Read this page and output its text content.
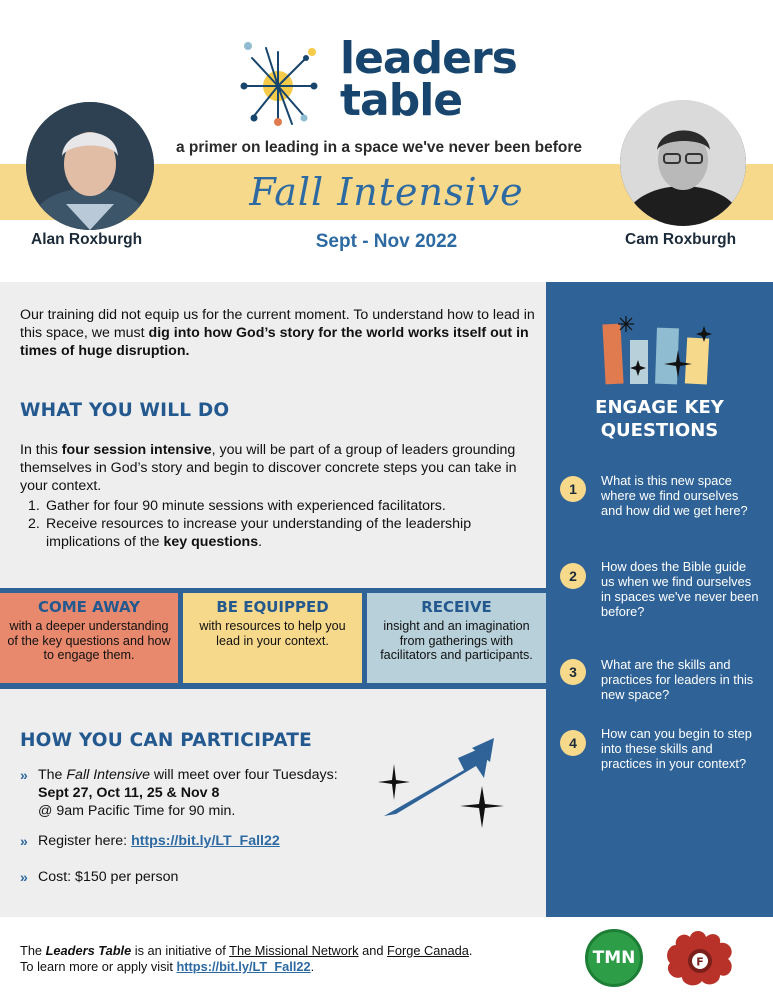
leaders
table
a primer on leading in a space we've never been before
Fall Intensive
Alan Roxburgh	Sept - Nov 2022	Cam Roxburgh
Our training did not equip us for the current moment. To understand how to lead in this space, we must dig into how God’s story for the world works itself out in times of huge disruption.
WHAT YOU WILL DO
In this four session intensive, you will be part of a group of leaders grounding themselves in God’s story and begin to discover concrete steps you can take in your context.
1. Gather for four 90 minute sessions with experienced facilitators.
2. Receive resources to increase your understanding of the leadership implications of the key questions.
COME AWAY
with a deeper understanding of the key questions and how to engage them.
BE EQUIPPED
with resources to help you lead in your context.
RECEIVE
insight and an imagination from gatherings with facilitators and participants.
HOW YOU CAN PARTICIPATE
» The Fall Intensive will meet over four Tuesdays: Sept 27, Oct 11, 25 & Nov 8
@ 9am Pacific Time for 90 min.
» Register here: https://bit.ly/LT_Fall22
» Cost: $150 per person
ENGAGE KEY QUESTIONS
1
What is this new space where we find ourselves and how did we get here?
2
How does the Bible guide us when we find ourselves in spaces we've never been before?
3	What are the skills and practices for leaders in this new space?
4
How can you begin to step into these skills and practices in your context?
The Leaders Table is an initiative of The Missional Network and Forge Canada.
To learn more or apply visit https://bit.ly/LT_Fall22.	TMN	F
